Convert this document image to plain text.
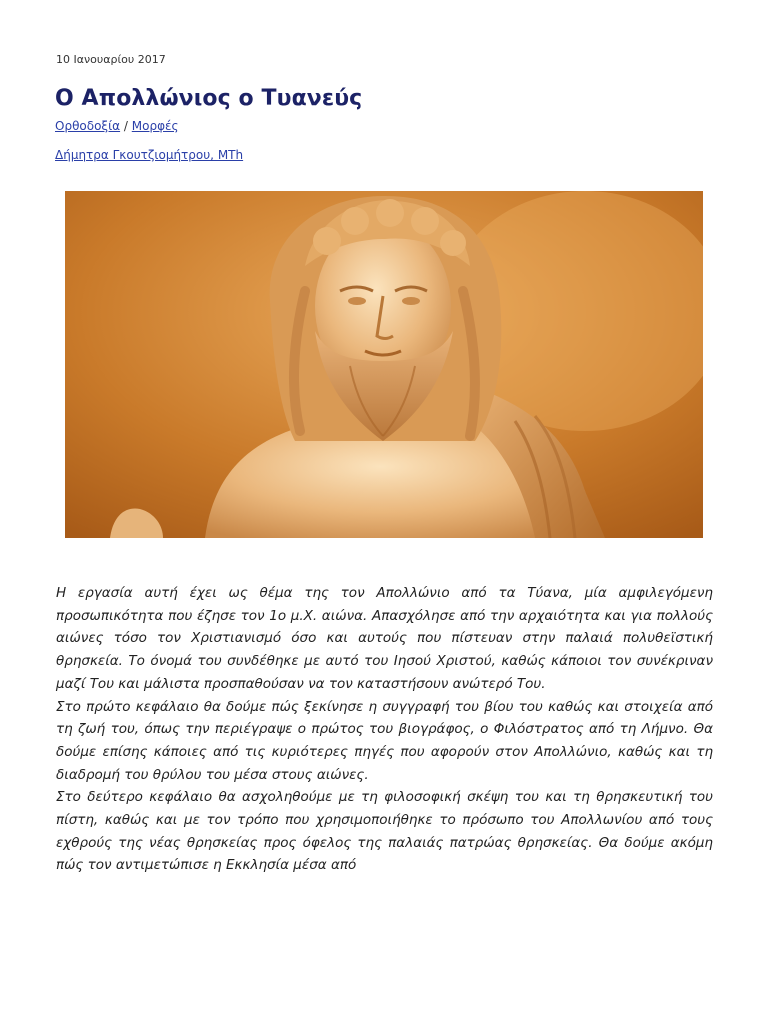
10 Ιανουαρίου 2017
Ο Απολλώνιος ο Τυανεύς
Ορθοδοξία / Μορφές
Δήμητρα Γκουτζιομήτρου, MTh

Η εργασία αυτή έχει ως θέμα της τον Απολλώνιο από τα Τύανα, μία αμφιλεγόμενη προσωπικότητα που έζησε τον 1ο μ.Χ. αιώνα. Απασχόλησε από την αρχαιότητα και για πολλούς αιώνες τόσο τον Χριστιανισμό όσο και αυτούς που πίστευαν στην παλαιά πολυθεϊστική θρησκεία. Το όνομά του συνδέθηκε με αυτό του Ιησού Χριστού, καθώς κάποιοι τον συνέκριναν μαζί Του και μάλιστα προσπαθούσαν να τον καταστήσουν ανώτερό Του.

Στο πρώτο κεφάλαιο θα δούμε πώς ξεκίνησε η συγγραφή του βίου του καθώς και στοιχεία από τη ζωή του, όπως την περιέγραψε ο πρώτος του βιογράφος, ο Φιλόστρατος από τη Λήμνο. Θα δούμε επίσης κάποιες από τις κυριότερες πηγές που αφορούν στον Απολλώνιο, καθώς και τη διαδρομή του θρύλου του μέσα στους αιώνες.

Στο δεύτερο κεφάλαιο θα ασχοληθούμε με τη φιλοσοφική σκέψη του και τη θρησκευτική του πίστη, καθώς και με τον τρόπο που χρησιμοποιήθηκε το πρόσωπο του Απολλωνίου από τους εχθρούς της νέας θρησκείας προς όφελος της παλαιάς πατρώας θρησκείας. Θα δούμε ακόμη πώς τον αντιμετώπισε η Εκκλησία μέσα από
